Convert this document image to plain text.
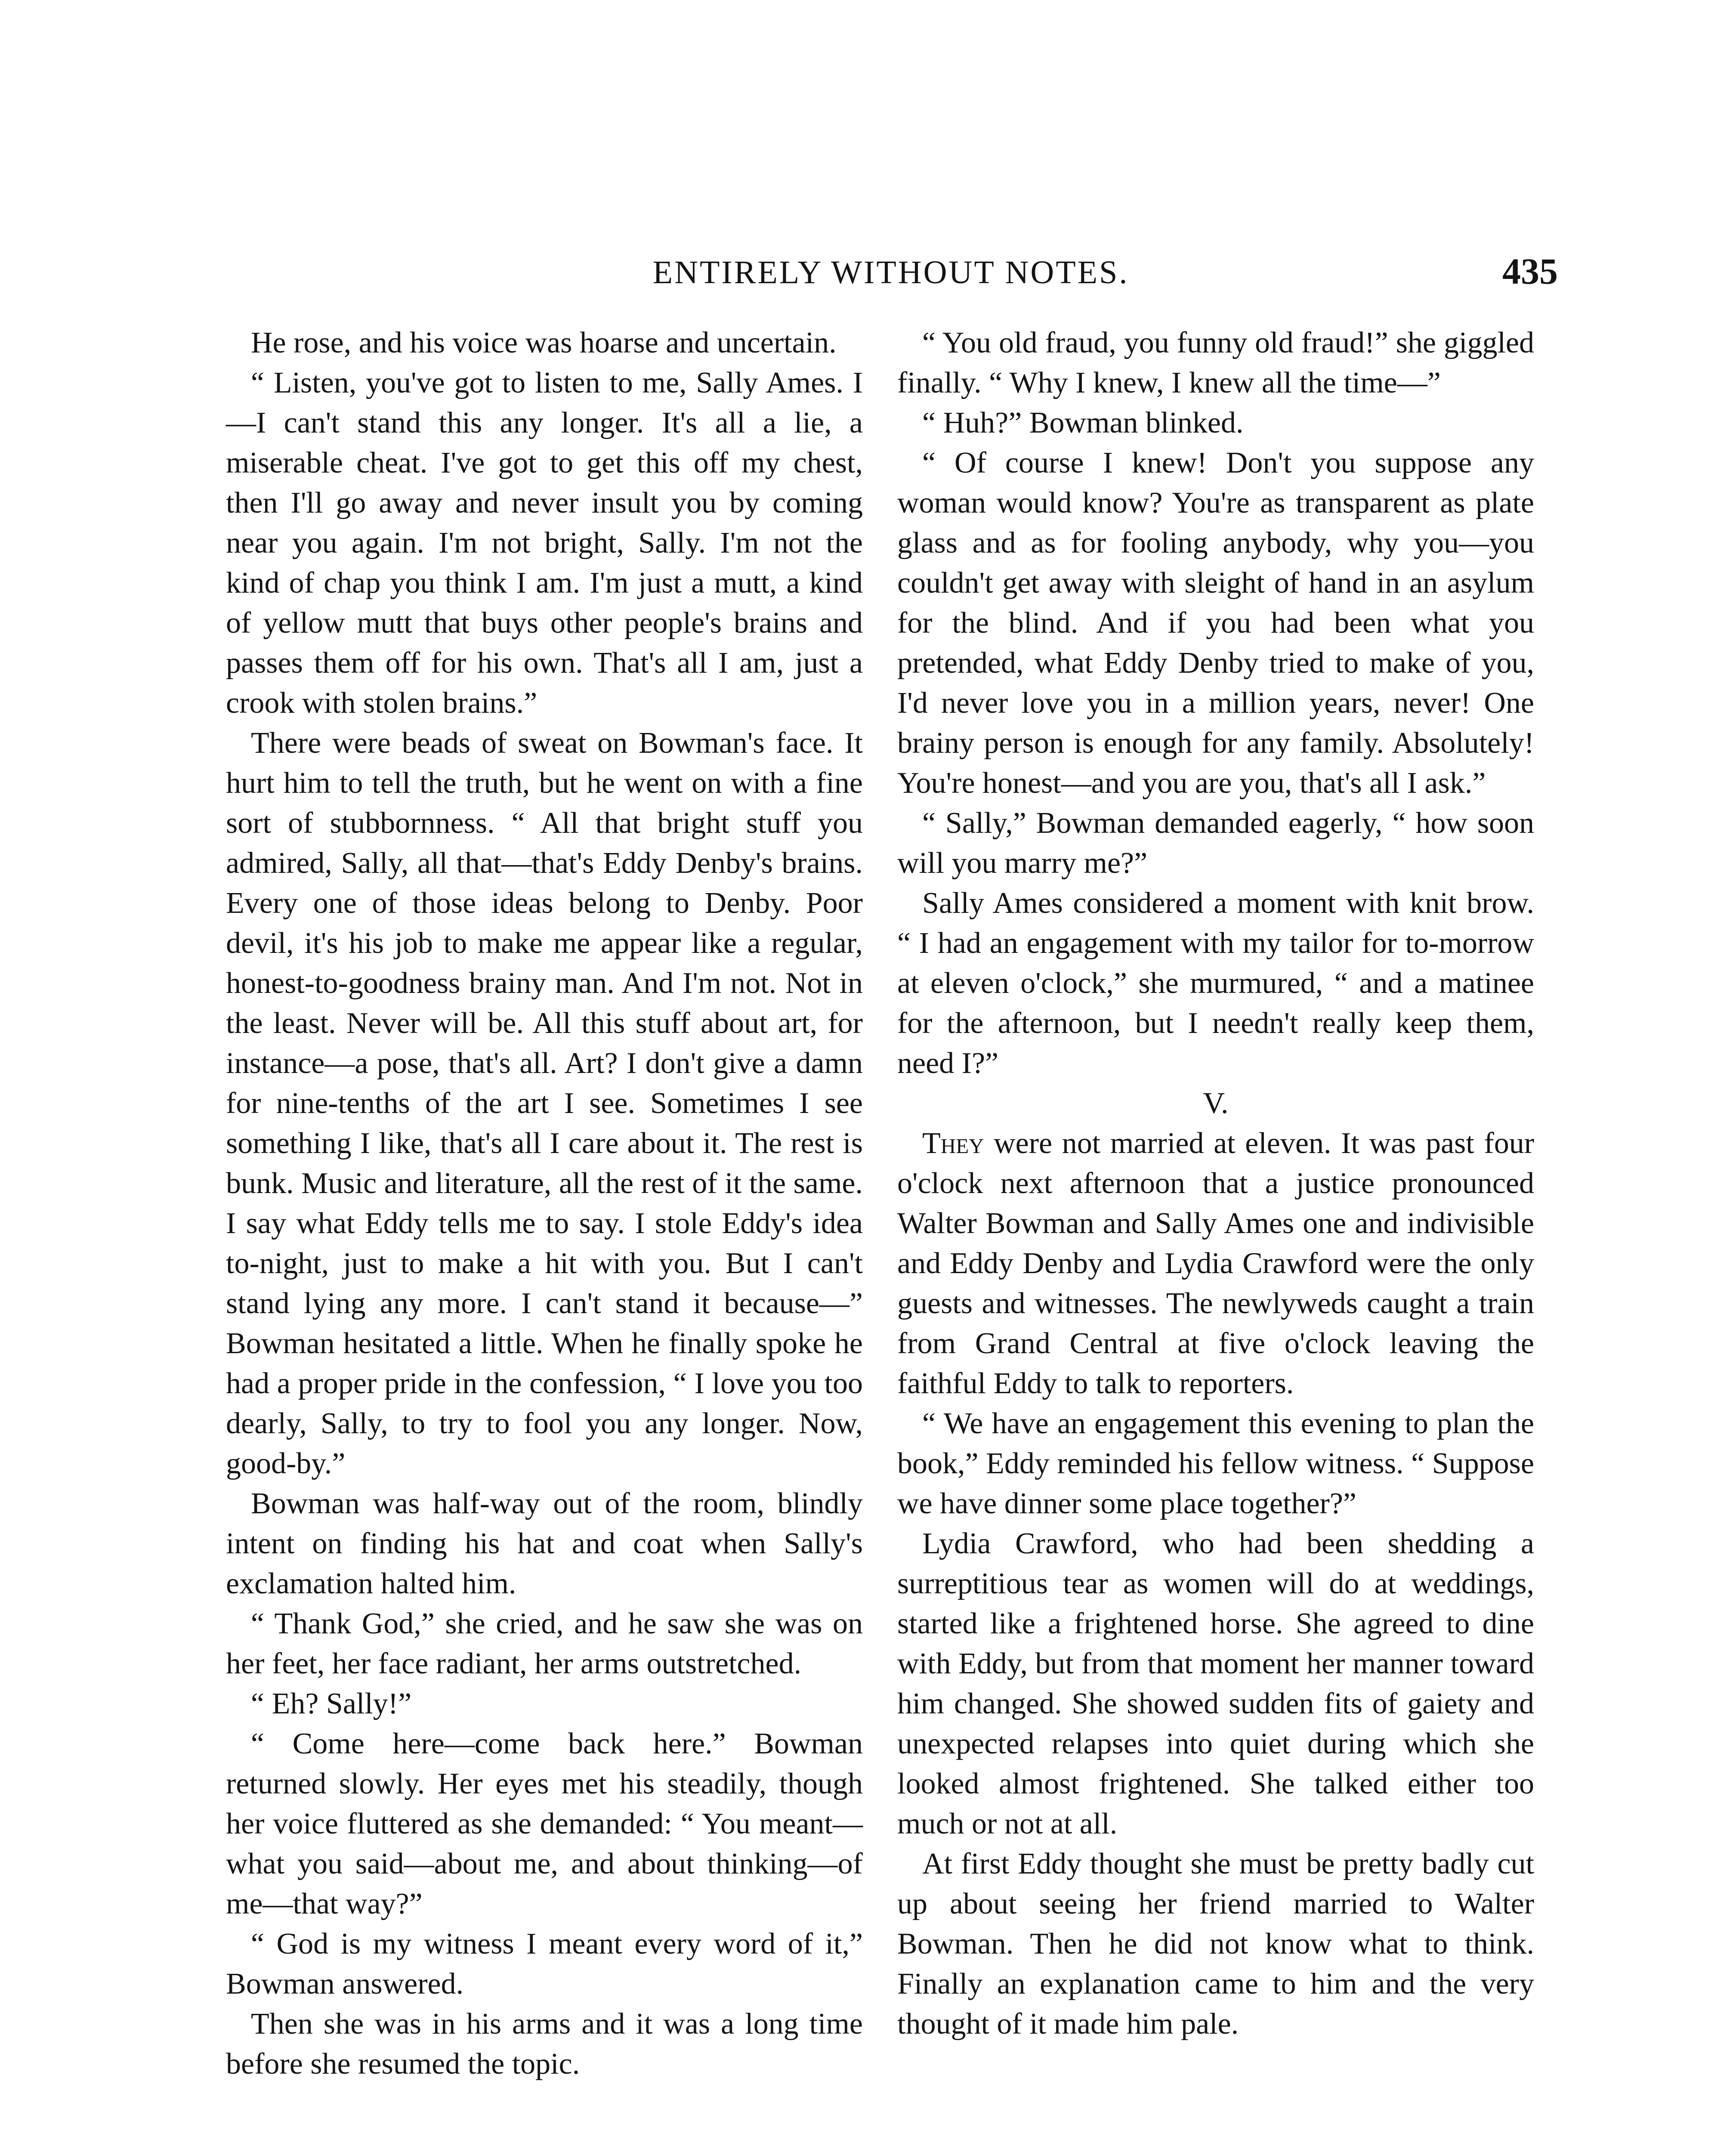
ENTIRELY WITHOUT NOTES.	435

He rose, and his voice was hoarse and uncertain.

“ Listen, you've got to listen to me, Sally Ames. I—I can't stand this any longer. It's all a lie, a miserable cheat. I've got to get this off my chest, then I'll go away and never insult you by coming near you again. I'm not bright, Sally. I'm not the kind of chap you think I am. I'm just a mutt, a kind of yellow mutt that buys other people's brains and passes them off for his own. That's all I am, just a crook with stolen brains.”

There were beads of sweat on Bowman's face. It hurt him to tell the truth, but he went on with a fine sort of stubbornness. “ All that bright stuff you admired, Sally, all that—that's Eddy Denby's brains. Every one of those ideas belong to Denby. Poor devil, it's his job to make me appear like a regular, honest-to-goodness brainy man. And I'm not. Not in the least. Never will be. All this stuff about art, for instance—a pose, that's all. Art? I don't give a damn for nine-tenths of the art I see. Sometimes I see something I like, that's all I care about it. The rest is bunk. Music and literature, all the rest of it the same. I say what Eddy tells me to say. I stole Eddy's idea to-night, just to make a hit with you. But I can't stand lying any more. I can't stand it because—” Bowman hesitated a little. When he finally spoke he had a proper pride in the confession, “ I love you too dearly, Sally, to try to fool you any longer. Now, good-by.”

Bowman was half-way out of the room, blindly intent on finding his hat and coat when Sally's exclamation halted him.

“ Thank God,” she cried, and he saw she was on her feet, her face radiant, her arms outstretched.

“ Eh? Sally!”

“ Come here—come back here.” Bowman returned slowly. Her eyes met his steadily, though her voice fluttered as she demanded: “ You meant—what you said—about me, and about thinking—of me—that way?”

“ God is my witness I meant every word of it,” Bowman answered.

Then she was in his arms and it was a long time before she resumed the topic.

“ You old fraud, you funny old fraud!” she giggled finally. “ Why I knew, I knew all the time—”

“ Huh?” Bowman blinked.

“ Of course I knew! Don't you suppose any woman would know? You're as transparent as plate glass and as for fooling anybody, why you—you couldn't get away with sleight of hand in an asylum for the blind. And if you had been what you pretended, what Eddy Denby tried to make of you, I'd never love you in a million years, never! One brainy person is enough for any family. Absolutely! You're honest—and you are you, that's all I ask.”

“ Sally,” Bowman demanded eagerly, “ how soon will you marry me?”

Sally Ames considered a moment with knit brow. “ I had an engagement with my tailor for to-morrow at eleven o'clock,” she murmured, “ and a matinee for the afternoon, but I needn't really keep them, need I?”

V.

They were not married at eleven. It was past four o'clock next afternoon that a justice pronounced Walter Bowman and Sally Ames one and indivisible and Eddy Denby and Lydia Crawford were the only guests and witnesses. The newlyweds caught a train from Grand Central at five o'clock leaving the faithful Eddy to talk to reporters.

“ We have an engagement this evening to plan the book,” Eddy reminded his fellow witness. “ Suppose we have dinner some place together?”

Lydia Crawford, who had been shedding a surreptitious tear as women will do at weddings, started like a frightened horse. She agreed to dine with Eddy, but from that moment her manner toward him changed. She showed sudden fits of gaiety and unexpected relapses into quiet during which she looked almost frightened. She talked either too much or not at all.

At first Eddy thought she must be pretty badly cut up about seeing her friend married to Walter Bowman. Then he did not know what to think. Finally an explanation came to him and the very thought of it made him pale.
